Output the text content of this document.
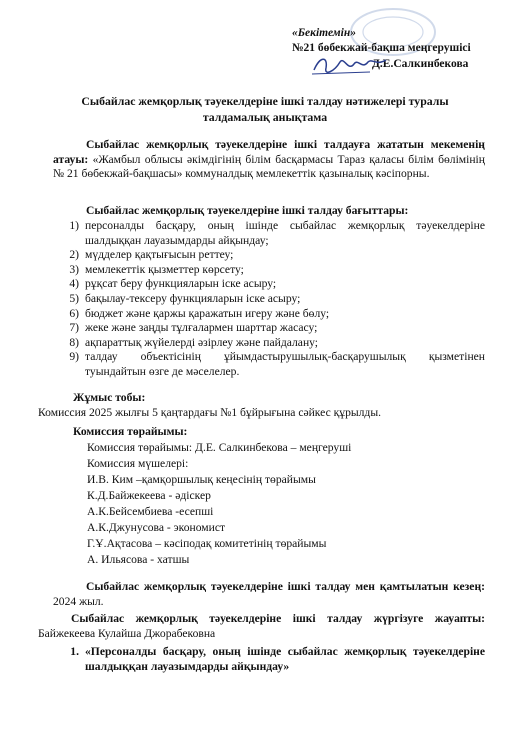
«Бекітемін»
№21 бөбекжай-бақша меңгерушісі
Д.Е.Салкинбекова
Сыбайлас жемқорлық тәуекелдеріне ішкі талдау нәтижелері туралы талдамалық анықтама
Сыбайлас жемқорлық тәуекелдеріне ішкі талдауға жататын мекеменің атауы: «Жамбыл облысы әкімдігінің білім басқармасы Тараз қаласы білім бөлімінің № 21 бөбекжай-бақшасы» коммуналдық мемлекеттік қазыналық кәсіпорны.
Сыбайлас жемқорлық тәуекелдеріне ішкі талдау бағыттары:
1) персоналды басқару, оның ішінде сыбайлас жемқорлық тәуекелдеріне шалдыққан лауазымдарды айқындау;
2) мүдделер қақтығысын реттеу;
3) мемлекеттік қызметтер көрсету;
4) рұқсат беру функцияларын іске асыру;
5) бақылау-тексеру функцияларын іске асыру;
6) бюджет және қаржы қаражатын игеру және бөлу;
7) жеке және заңды тұлғалармен шарттар жасасу;
8) ақпараттық жүйелерді әзірлеу және пайдалану;
9) талдау объектісінің ұйымдастырушылық-басқарушылық қызметінен туындайтын өзге де мәселелер.
Жұмыс тобы:
Комиссия 2025 жылғы 5 қаңтардағы №1 бұйрығына сәйкес құрылды.
Комиссия төрайымы:
Комиссия төрайымы: Д.Е. Салкинбекова – меңгеруші
Комиссия мүшелері:
И.В. Ким –қамқоршылық кеңесінің төрайымы
К.Д.Байжекеева - әдіскер
А.К.Бейсембиева -есепші
А.К.Джунусова - экономист
Г.Ұ.Ақтасова – кәсіподақ комитетінің төрайымы
А. Ильясова - хатшы
Сыбайлас жемқорлық тәуекелдеріне ішкі талдау мен қамтылатын кезең: 2024 жыл.
Сыбайлас жемқорлық тәуекелдеріне ішкі талдау жүргізуге жауапты: Байжекеева Кулайша Джорабековна
1. «Персоналды басқару, оның ішінде сыбайлас жемқорлық тәуекелдеріне шалдыққан лауазымдарды айқындау»
